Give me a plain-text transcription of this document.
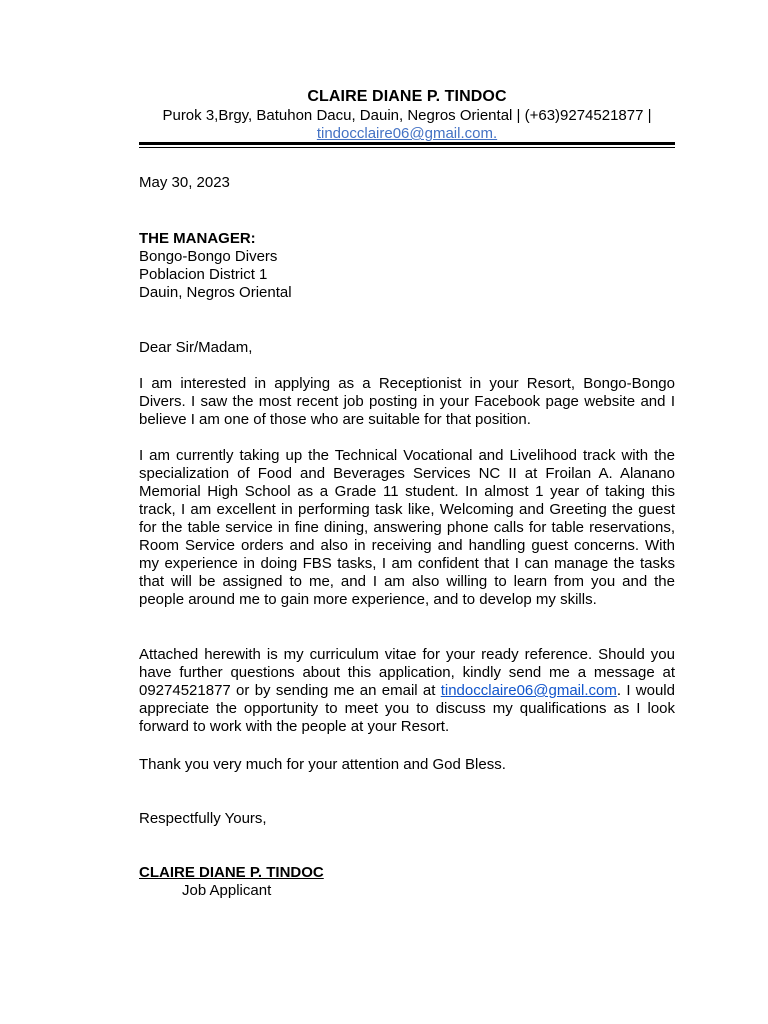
CLAIRE DIANE P. TINDOC
Purok 3,Brgy, Batuhon Dacu, Dauin, Negros Oriental | (+63)9274521877 |
tindocclaire06@gmail.com.
May 30, 2023
THE MANAGER:
Bongo-Bongo Divers
Poblacion District 1
Dauin, Negros Oriental
Dear Sir/Madam,
I am interested in applying as a Receptionist in your Resort, Bongo-Bongo Divers. I saw the most recent job posting in your Facebook page website and I believe I am one of those who are suitable for that position.
I am currently taking up the Technical Vocational and Livelihood track with the specialization of Food and Beverages Services NC II at Froilan A. Alanano Memorial High School as a Grade 11 student. In almost 1 year of taking this track, I am excellent in performing task like, Welcoming and Greeting the guest for the table service in fine dining, answering phone calls for table reservations, Room Service orders and also in receiving and handling guest concerns. With my experience in doing FBS tasks, I am confident that I can manage the tasks that will be assigned to me, and I am also willing to learn from you and the people around me to gain more experience, and to develop my skills.
Attached herewith is my curriculum vitae for your ready reference. Should you have further questions about this application, kindly send me a message at 09274521877 or by sending me an email at tindocclaire06@gmail.com. I would appreciate the opportunity to meet you to discuss my qualifications as I look forward to work with the people at your Resort.
Thank you very much for your attention and God Bless.
Respectfully Yours,
CLAIRE DIANE P. TINDOC
Job Applicant
